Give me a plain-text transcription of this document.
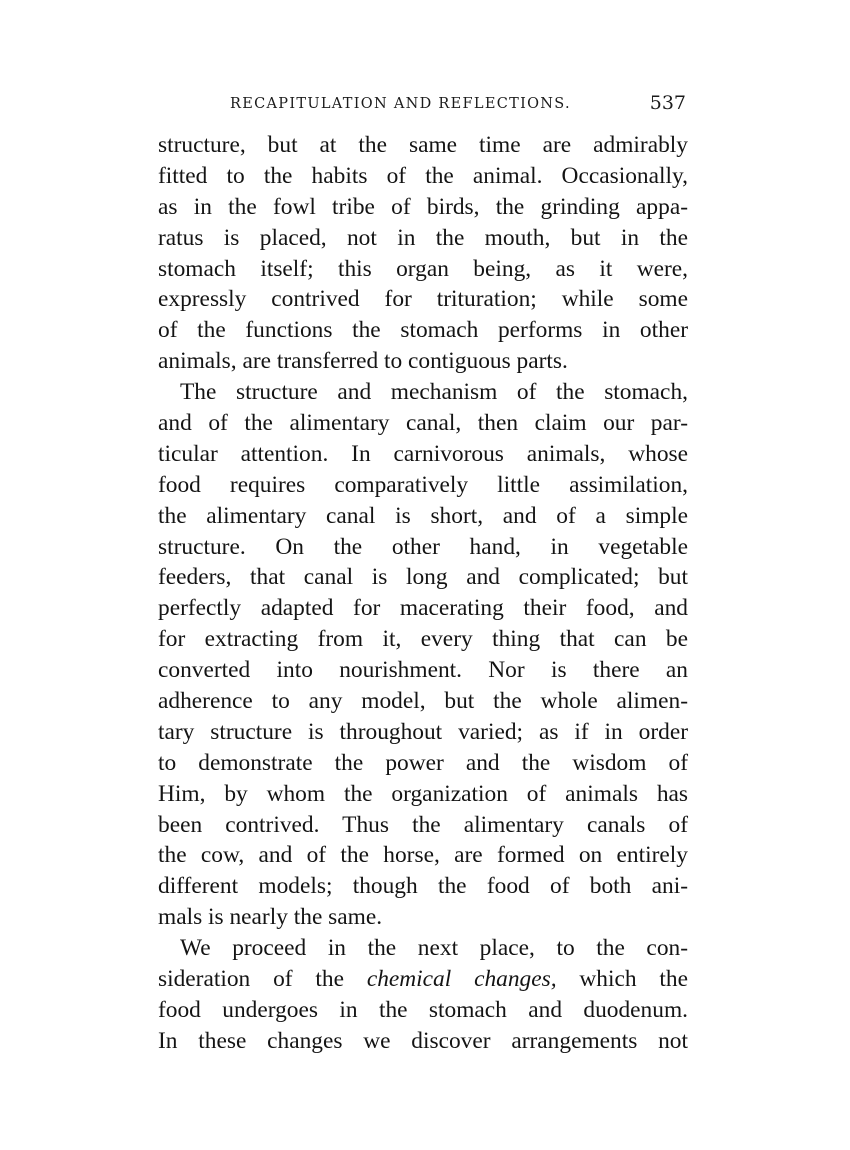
RECAPITULATION AND REFLECTIONS.	537
structure, but at the same time are admirably
fitted to the habits of the animal. Occasionally,
as in the fowl tribe of birds, the grinding appa-
ratus is placed, not in the mouth, but in the
stomach itself; this organ being, as it were,
expressly contrived for trituration; while some
of the functions the stomach performs in other
animals, are transferred to contiguous parts.
The structure and mechanism of the stomach,
and of the alimentary canal, then claim our par-
ticular attention. In carnivorous animals, whose
food requires comparatively little assimilation,
the alimentary canal is short, and of a simple
structure. On the other hand, in vegetable
feeders, that canal is long and complicated; but
perfectly adapted for macerating their food, and
for extracting from it, every thing that can be
converted into nourishment. Nor is there an
adherence to any model, but the whole alimen-
tary structure is throughout varied; as if in order
to demonstrate the power and the wisdom of
Him, by whom the organization of animals has
been contrived. Thus the alimentary canals of
the cow, and of the horse, are formed on entirely
different models; though the food of both ani-
mals is nearly the same.
We proceed in the next place, to the con-
sideration of the chemical changes, which the
food undergoes in the stomach and duodenum.
In these changes we discover arrangements not
